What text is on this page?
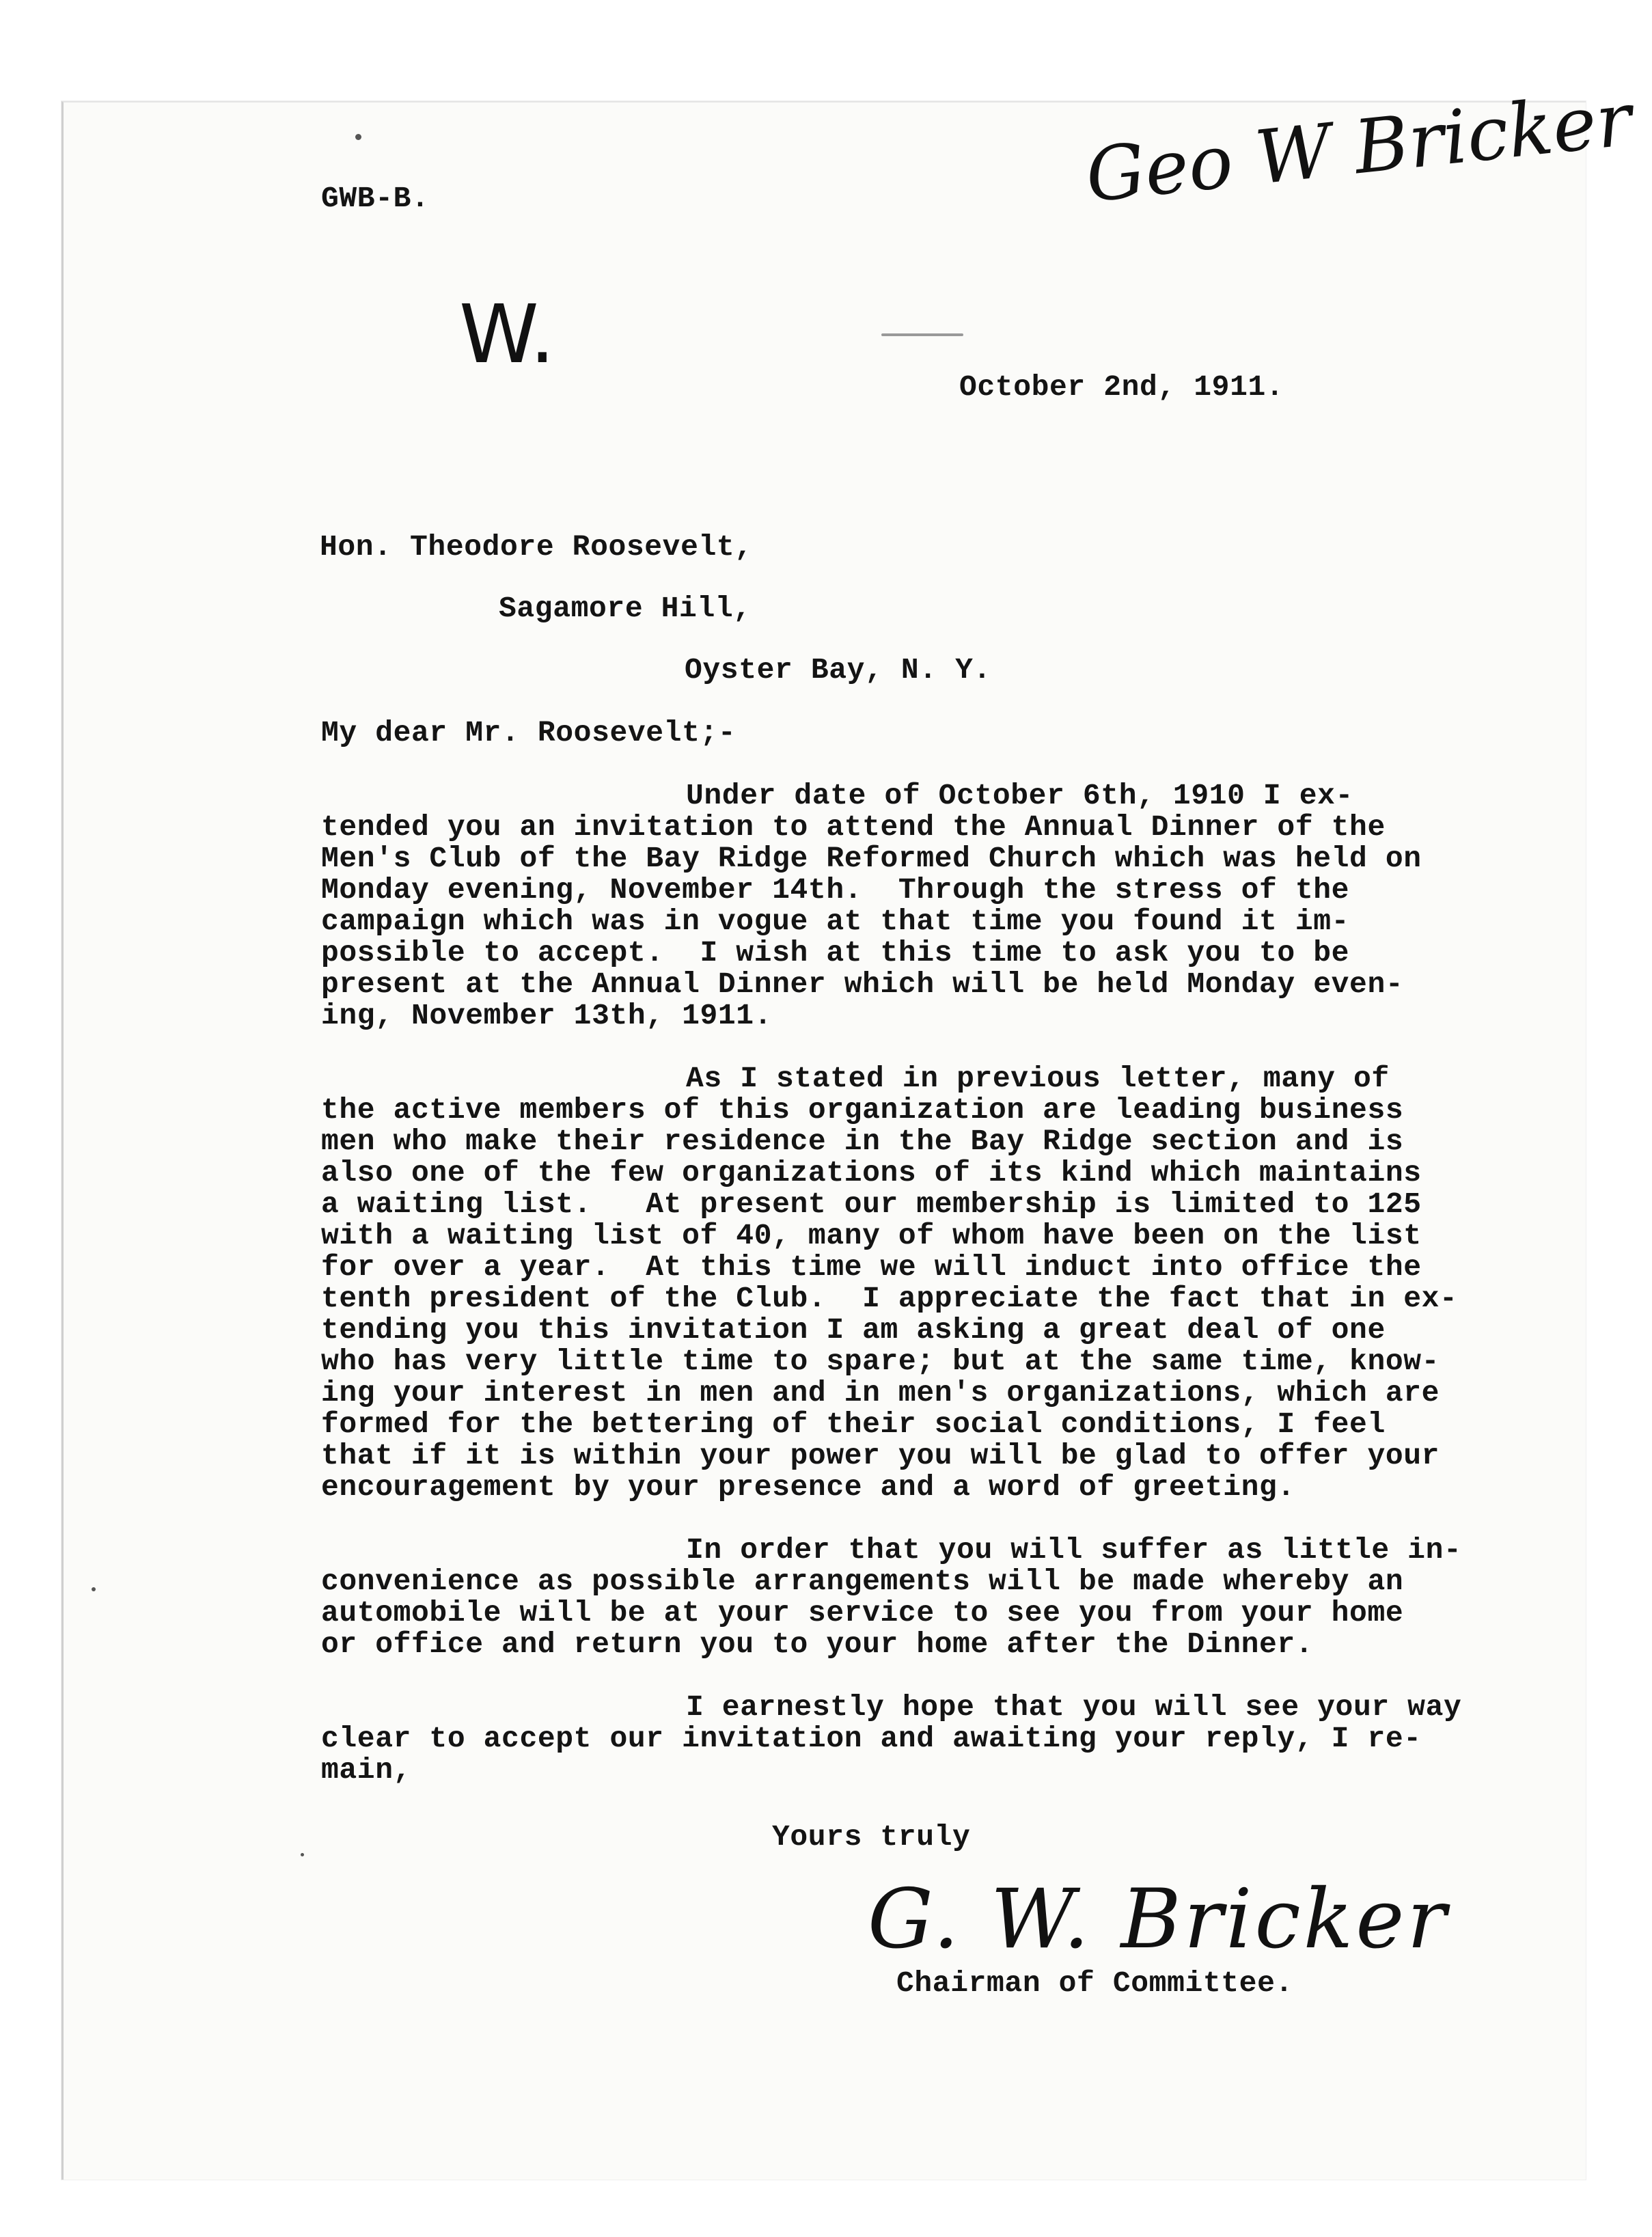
GWB-B.	Geo W Bricker
W.
October 2nd, 1911.
Hon. Theodore Roosevelt,
Sagamore Hill,
Oyster Bay, N. Y.
My dear Mr. Roosevelt;-
Under date of October 6th, 1910 I ex-
tended you an invitation to attend the Annual Dinner of the
Men's Club of the Bay Ridge Reformed Church which was held on
Monday evening, November 14th.  Through the stress of the
campaign which was in vogue at that time you found it im-
possible to accept.  I wish at this time to ask you to be
present at the Annual Dinner which will be held Monday even-
ing, November 13th, 1911.
As I stated in previous letter, many of
the active members of this organization are leading business
men who make their residence in the Bay Ridge section and is
also one of the few organizations of its kind which maintains
a waiting list.   At present our membership is limited to 125
with a waiting list of 40, many of whom have been on the list
for over a year.  At this time we will induct into office the
tenth president of the Club.  I appreciate the fact that in ex-
tending you this invitation I am asking a great deal of one
who has very little time to spare; but at the same time, know-
ing your interest in men and in men's organizations, which are
formed for the bettering of their social conditions, I feel
that if it is within your power you will be glad to offer your
encouragement by your presence and a word of greeting.
In order that you will suffer as little in-
convenience as possible arrangements will be made whereby an
automobile will be at your service to see you from your home
or office and return you to your home after the Dinner.
I earnestly hope that you will see your way
clear to accept our invitation and awaiting your reply, I re-
main,
Yours truly
G. W. Bricker
Chairman of Committee.
